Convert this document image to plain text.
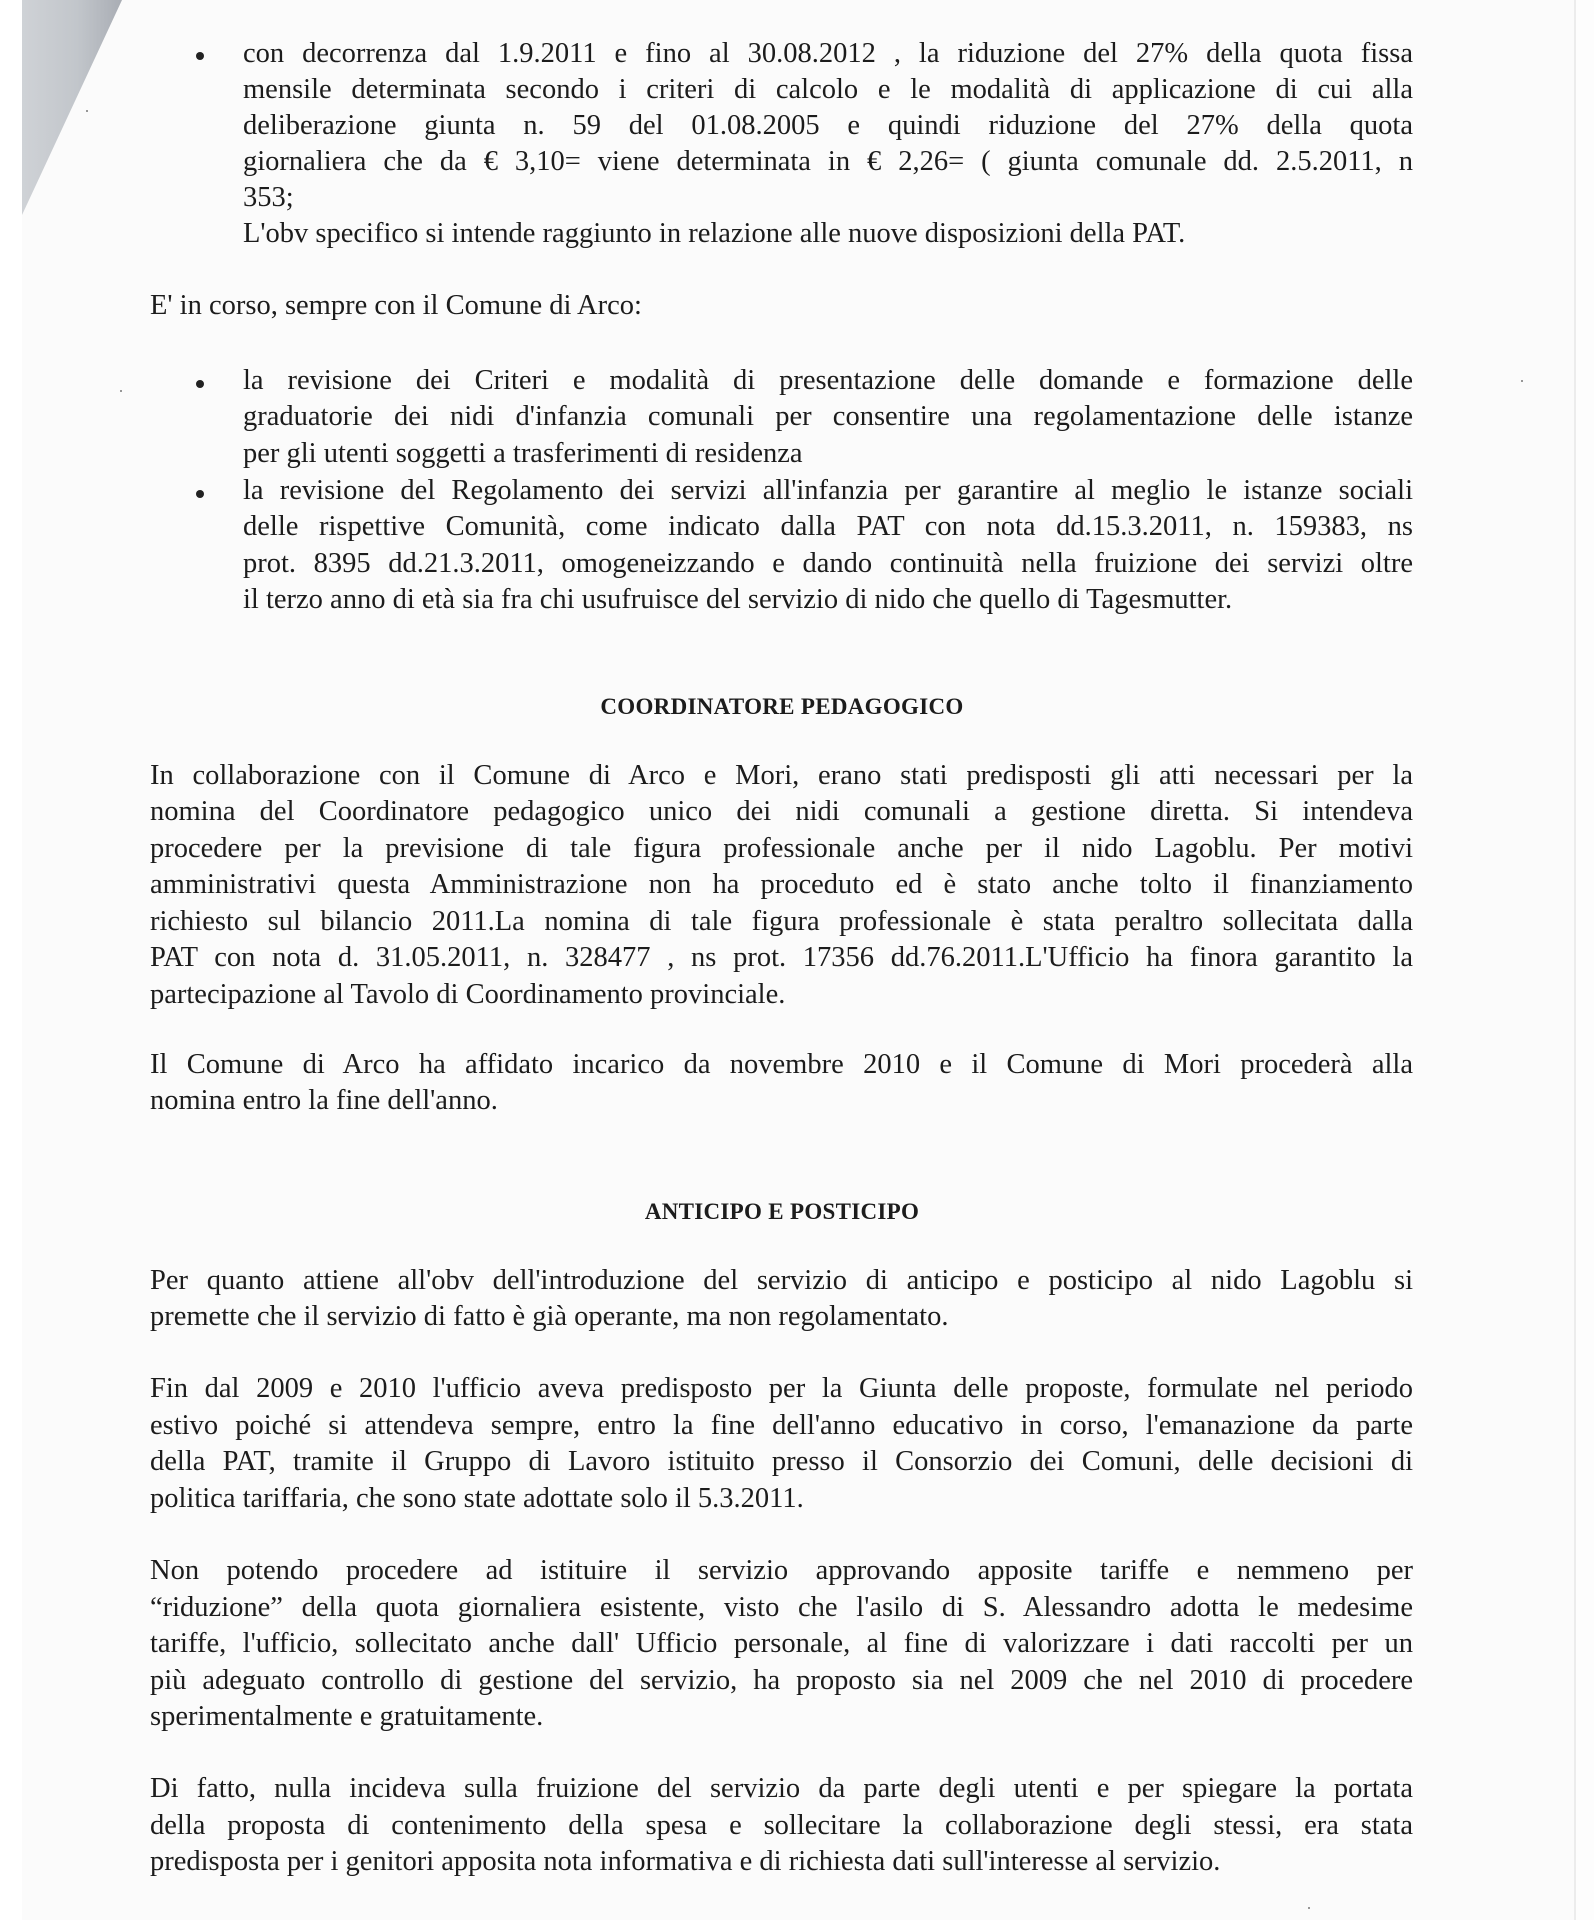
con decorrenza dal 1.9.2011 e fino al 30.08.2012 , la riduzione del 27% della quota fissa
mensile determinata secondo i criteri di calcolo e le modalità di applicazione di cui alla
deliberazione giunta n. 59 del 01.08.2005 e quindi riduzione del 27% della quota
giornaliera che da € 3,10= viene determinata in € 2,26= ( giunta comunale dd. 2.5.2011, n
353;
L'obv specifico si intende raggiunto in relazione alle nuove disposizioni della PAT.
E' in corso, sempre con il Comune di Arco:
la revisione dei Criteri e modalità di presentazione delle domande e formazione delle
graduatorie dei nidi d'infanzia comunali per consentire una regolamentazione delle istanze
per gli utenti soggetti a trasferimenti di residenza
la revisione del Regolamento dei servizi all'infanzia per garantire al meglio le istanze sociali
delle rispettive Comunità, come indicato dalla PAT con nota dd.15.3.2011, n. 159383, ns
prot. 8395 dd.21.3.2011, omogeneizzando e dando continuità nella fruizione dei servizi oltre
il terzo anno di età sia fra chi usufruisce del servizio di nido che quello di Tagesmutter.
COORDINATORE PEDAGOGICO
In collaborazione con il Comune di Arco e Mori, erano stati predisposti gli atti necessari per la
nomina del Coordinatore pedagogico unico dei nidi comunali a gestione diretta. Si intendeva
procedere per la previsione di tale figura professionale anche per il nido Lagoblu. Per motivi
amministrativi questa Amministrazione non ha proceduto ed è stato anche tolto il finanziamento
richiesto sul bilancio 2011.La nomina di tale figura professionale è stata peraltro sollecitata dalla
PAT con nota d. 31.05.2011, n. 328477 , ns prot. 17356 dd.76.2011.L'Ufficio ha finora garantito la
partecipazione al Tavolo di Coordinamento provinciale.
Il Comune di Arco ha affidato incarico da novembre 2010 e il Comune di Mori procederà alla
nomina entro la fine dell'anno.
ANTICIPO E POSTICIPO
Per quanto attiene all'obv dell'introduzione del servizio di anticipo e posticipo al nido Lagoblu si
premette che il servizio di fatto è già operante, ma non regolamentato.
Fin dal 2009 e 2010 l'ufficio aveva predisposto per la Giunta delle proposte, formulate nel periodo
estivo poiché si attendeva sempre, entro la fine dell'anno educativo in corso, l'emanazione da parte
della PAT, tramite il Gruppo di Lavoro istituito presso il Consorzio dei Comuni, delle decisioni di
politica tariffaria, che sono state adottate solo il 5.3.2011.
Non potendo procedere ad istituire il servizio approvando apposite tariffe e nemmeno per
“riduzione” della quota giornaliera esistente, visto che l'asilo di S. Alessandro adotta le medesime
tariffe, l'ufficio, sollecitato anche dall' Ufficio personale, al fine di valorizzare i dati raccolti per un
più adeguato controllo di gestione del servizio, ha proposto sia nel 2009 che nel 2010 di procedere
sperimentalmente e gratuitamente.
Di fatto, nulla incideva sulla fruizione del servizio da parte degli utenti e per spiegare la portata
della proposta di contenimento della spesa e sollecitare la collaborazione degli stessi, era stata
predisposta per i genitori apposita nota informativa e di richiesta dati sull'interesse al servizio.
